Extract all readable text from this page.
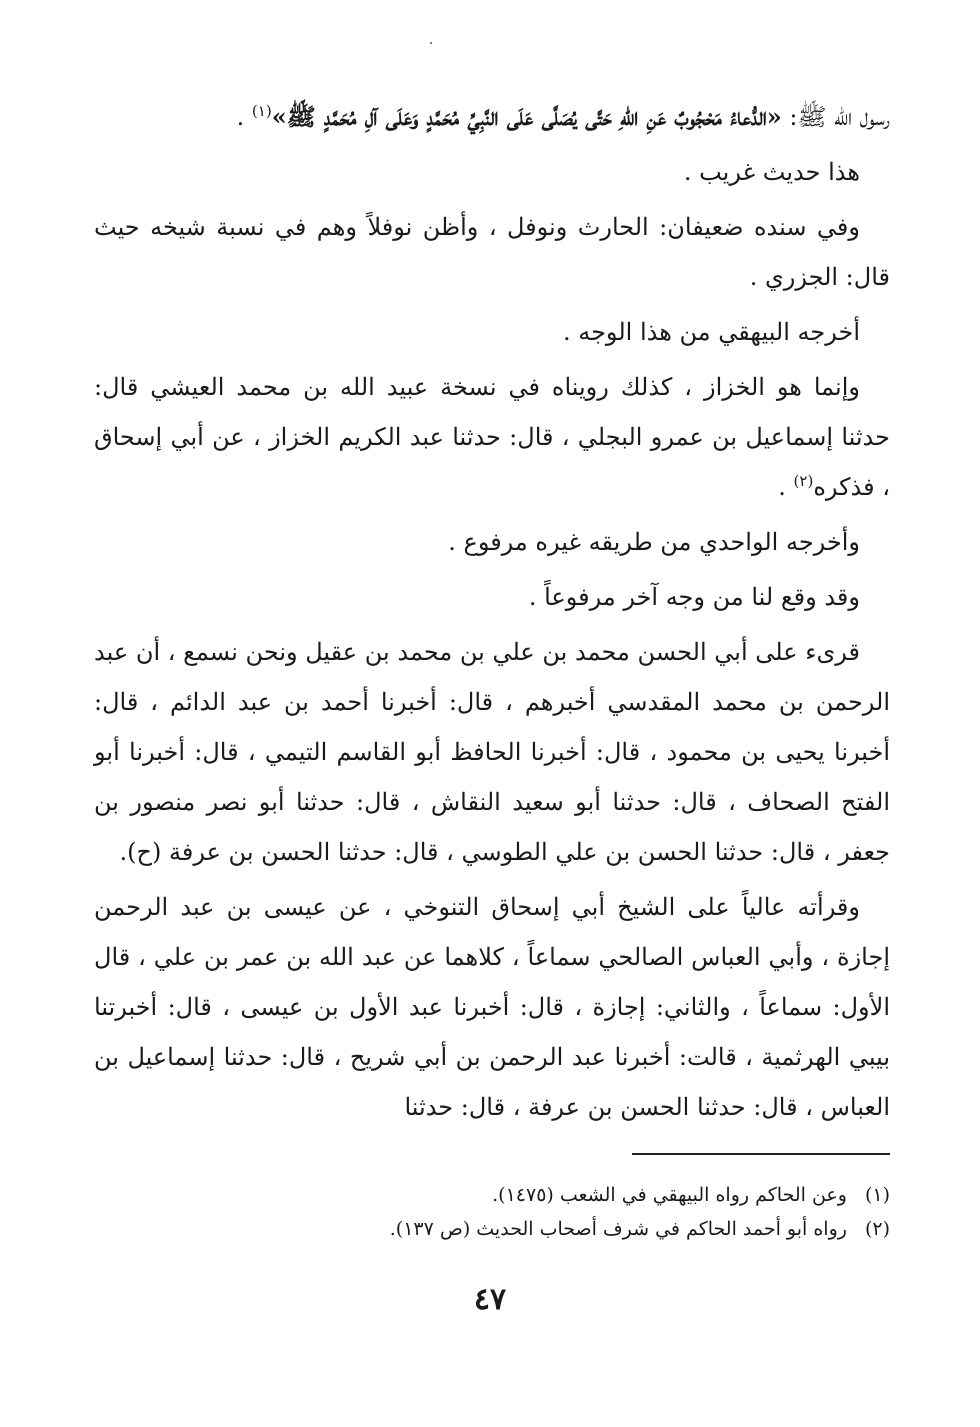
رسول الله ﷺ: «الدُّعاءُ مَحْجُوبٌ عَنِ اللهِ حَتَّى يُصَلَّى عَلَى النَّبِيِّ مُحَمَّدٍ وَعَلَى آلِ مُحَمَّدٍ ﷺ»$^{(١)}$ .

هذا حديث غريب .

وفي سنده ضعيفان: الحارث ونوفل ، وأظن نوفلاً وهم في نسبة شيخه حيث قال: الجزري .

أخرجه البيهقي من هذا الوجه .

وإنما هو الخزاز ، كذلك رويناه في نسخة عبيد الله بن محمد العيشي قال: حدثنا إسماعيل بن عمرو البجلي ، قال: حدثنا عبد الكريم الخزاز ، عن أبي إسحاق ، فذكره$^{(٢)}$ .

وأخرجه الواحدي من طريقه غيره مرفوع .

وقد وقع لنا من وجه آخر مرفوعاً .

قرىء على أبي الحسن محمد بن علي بن محمد بن عقيل ونحن نسمع ، أن عبد الرحمن بن محمد المقدسي أخبرهم ، قال: أخبرنا أحمد بن عبد الدائم ، قال: أخبرنا يحيى بن محمود ، قال: أخبرنا الحافظ أبو القاسم التيمي ، قال: أخبرنا أبو الفتح الصحاف ، قال: حدثنا أبو سعيد النقاش ، قال: حدثنا أبو نصر منصور بن جعفر ، قال: حدثنا الحسن بن علي الطوسي ، قال: حدثنا الحسن بن عرفة (ح).

وقرأته عالياً على الشيخ أبي إسحاق التنوخي ، عن عيسى بن عبد الرحمن إجازة ، وأبي العباس الصالحي سماعاً ، كلاهما عن عبد الله بن عمر بن علي ، قال الأول: سماعاً ، والثاني: إجازة ، قال: أخبرنا عبد الأول بن عيسى ، قال: أخبرتنا بيبي الهرثمية ، قالت: أخبرنا عبد الرحمن بن أبي شريح ، قال: حدثنا إسماعيل بن العباس ، قال: حدثنا الحسن بن عرفة ، قال: حدثنا

(١)وعن الحاكم رواه البيهقي في الشعب (١٤٧٥).

(٢)رواه أبو أحمد الحاكم في شرف أصحاب الحديث (ص ١٣٧).

٤٧
